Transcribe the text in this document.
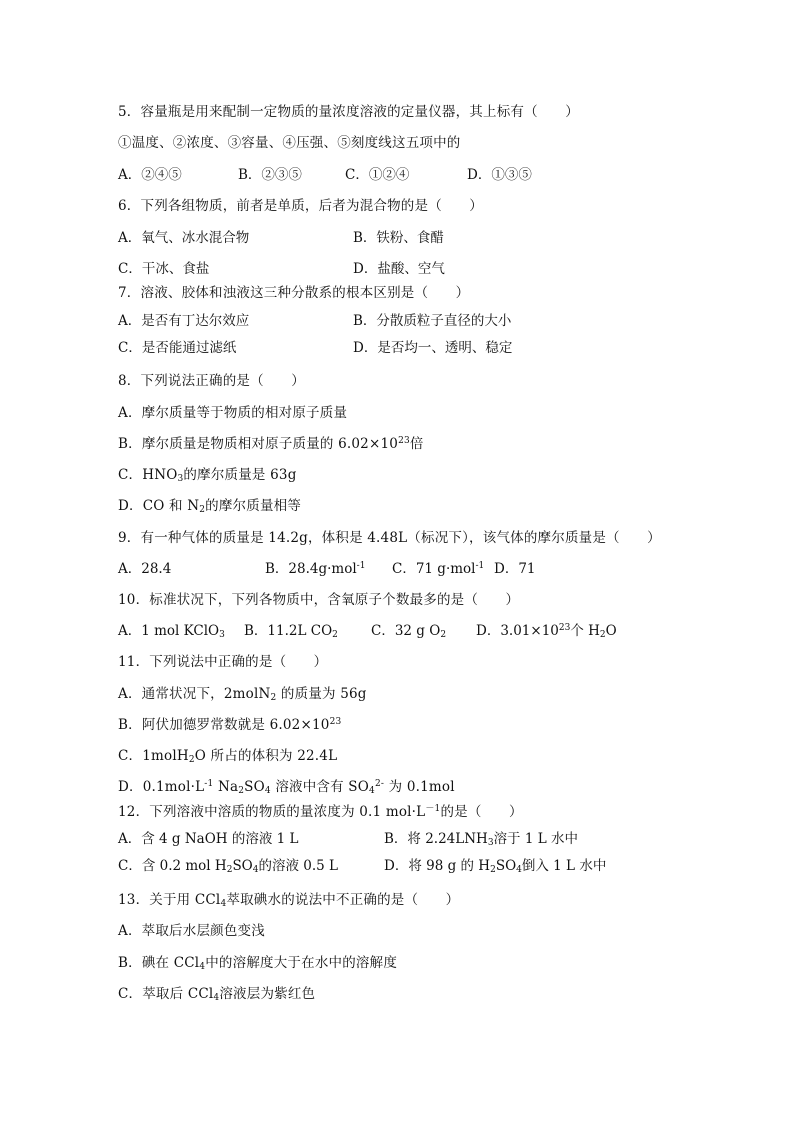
5．容量瓶是用来配制一定物质的量浓度溶液的定量仪器，其上标有（　　）
①温度、②浓度、③容量、④压强、⑤刻度线这五项中的
A．②④⑤	B．②③⑤	C．①②④	D．①③⑤
6．下列各组物质，前者是单质，后者为混合物的是（　　）
A．氧气、冰水混合物	B．铁粉、食醋
C．干冰、食盐	D．盐酸、空气
7．溶液、胶体和浊液这三种分散系的根本区别是（　　）
A．是否有丁达尔效应	B．分散质粒子直径的大小
C．是否能通过滤纸	D．是否均一、透明、稳定
8．下列说法正确的是（　　）
A．摩尔质量等于物质的相对原子质量
B．摩尔质量是物质相对原子质量的 $6.02\times 10^{23}$倍
C．$HNO_3$的摩尔质量是 63g
D．CO 和 $N_2$的摩尔质量相等
9．有一种气体的质量是 14.2g，体积是 4.48L（标况下），该气体的摩尔质量是（　　）
A．28.4	B．28.4g·mol$^{-1}$ C．71 g·mol$^{-1}$ D．71
10．标准状况下，下列各物质中，含氧原子个数最多的是（　　）
A．1 mol KClO$_3$ B．11.2L $CO_2$ C．32 g $O_2$ D．$3.01\times 10^{23}$个 $H_2O$
11．下列说法中正确的是（　　）
A．通常状况下，2molN$_2$ 的质量为 56g
B．阿伏加德罗常数就是 $6.02\times 10^{23}$
C．1molH$_2$O 所占的体积为 22.4L
D．$0.1mol\cdot L^{-1}$ $Na_2SO_4$ 溶液中含有 $SO_4^{2-}$ 为 0.1mol
12．下列溶液中溶质的物质的量浓度为 0.1 $mol\cdot L^{-1}$的是（　　）
A．含 4 g NaOH 的溶液 1 L	B．将 $2.24LNH_3$溶于 1 L 水中
C．含 0.2 mol $H_2SO_4$的溶液 0.5 L	D．将 98 g 的 $H_2SO_4$倒入 1 L 水中
13．关于用 CCl$_4$萃取碘水的说法中不正确的是（　　）
A．萃取后水层颜色变浅
B．碘在 CCl$_4$中的溶解度大于在水中的溶解度
C．萃取后 CCl$_4$溶液层为紫红色
